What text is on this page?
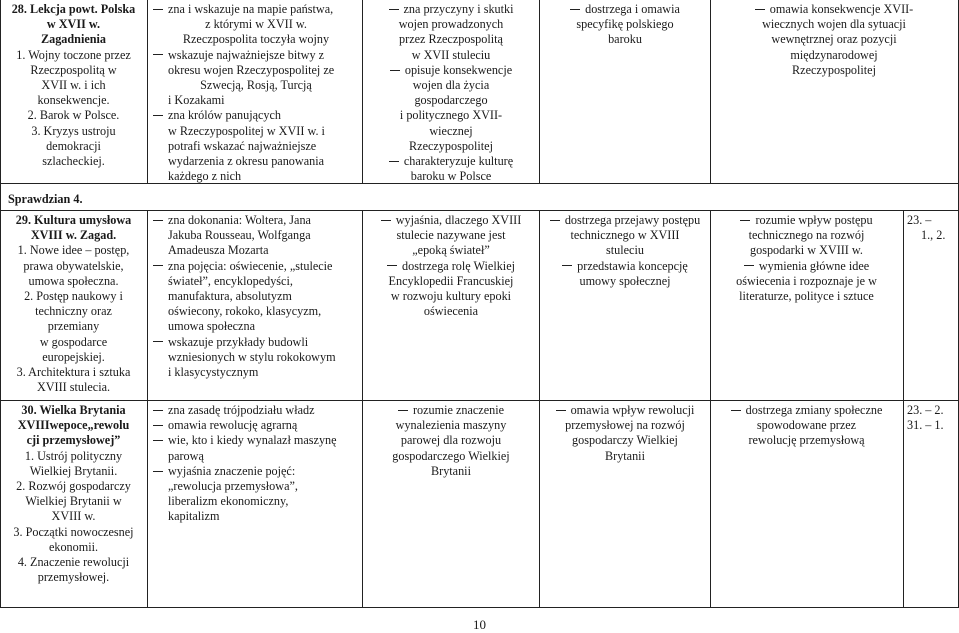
28. Lekcja powt. Polska
w XVII w.
Zagadnienia
1. Wojny toczone przez
Rzeczpospolitą w
XVII w. i ich
konsekwencje.
2. Barok w Polsce.
3. Kryzys ustroju
demokracji
szlacheckiej.
zna i wskazuje na mapie państwa,
z którymi w XVII w.
Rzeczpospolita toczyła wojny
wskazuje najważniejsze bitwy z
okresu wojen Rzeczypospolitej ze
Szwecją, Rosją, Turcją
i Kozakami
zna królów panujących
w Rzeczypospolitej w XVII w. i
potrafi wskazać najważniejsze
wydarzenia z okresu panowania
każdego z nich
zna przyczyny i skutki
wojen prowadzonych
przez Rzeczpospolitą
w XVII stuleciu
opisuje konsekwencje
wojen dla życia
gospodarczego
i politycznego XVII-
wiecznej
Rzeczypospolitej
charakteryzuje kulturę
baroku w Polsce
dostrzega i omawia
specyfikę polskiego
baroku
omawia konsekwencje XVII-
wiecznych wojen dla sytuacji
wewnętrznej oraz pozycji
międzynarodowej
Rzeczypospolitej
Sprawdzian 4.
29. Kultura umysłowa
XVIII w. Zagad.
1. Nowe idee – postęp,
prawa obywatelskie,
umowa społeczna.
2. Postęp naukowy i
techniczny oraz
przemiany
w gospodarce
europejskiej.
3. Architektura i sztuka
XVIII stulecia.
zna dokonania: Woltera, Jana
Jakuba Rousseau, Wolfganga
Amadeusza Mozarta
zna pojęcia: oświecenie, „stulecie
świateł”, encyklopedyści,
manufaktura, absolutyzm
oświecony, rokoko, klasycyzm,
umowa społeczna
wskazuje przykłady budowli
wzniesionych w stylu rokokowym
i klasycystycznym
wyjaśnia, dlaczego XVIII
stulecie nazywane jest
„epoką świateł”
dostrzega rolę Wielkiej
Encyklopedii Francuskiej
w rozwoju kultury epoki
oświecenia
dostrzega przejawy postępu
technicznego w XVIII
stuleciu
przedstawia koncepcję
umowy społecznej
rozumie wpływ postępu
technicznego na rozwój
gospodarki w XVIII w.
wymienia główne idee
oświecenia i rozpoznaje je w
literaturze, polityce i sztuce
23. –
1., 2.
30. Wielka Brytania
XVIIIwepoce„rewolu
cji przemysłowej”
1. Ustrój polityczny
Wielkiej Brytanii.
2. Rozwój gospodarczy
Wielkiej Brytanii w
XVIII w.
3. Początki nowoczesnej
ekonomii.
4. Znaczenie rewolucji
przemysłowej.
zna zasadę trójpodziału władz
omawia rewolucję agrarną
wie, kto i kiedy wynalazł maszynę
parową
wyjaśnia znaczenie pojęć:
„rewolucja przemysłowa”,
liberalizm ekonomiczny,
kapitalizm
rozumie znaczenie
wynalezienia maszyny
parowej dla rozwoju
gospodarczego Wielkiej
Brytanii
omawia wpływ rewolucji
przemysłowej na rozwój
gospodarczy Wielkiej
Brytanii
dostrzega zmiany społeczne
spowodowane przez
rewolucję przemysłową
23. – 2.
31. – 1.
10
